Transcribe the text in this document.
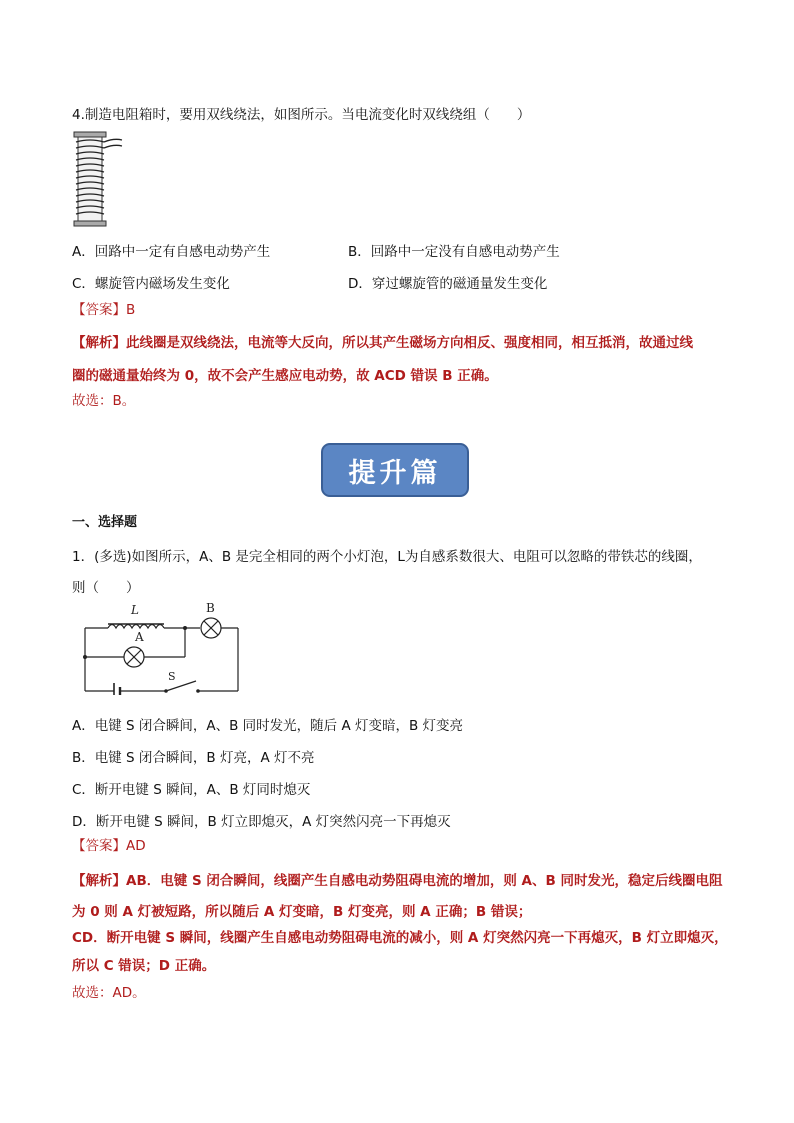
4.制造电阻箱时，要用双线绕法，如图所示。当电流变化时双线绕组（　　）
A．回路中一定有自感电动势产生	B．回路中一定没有自感电动势产生
C．螺旋管内磁场发生变化	D．穿过螺旋管的磁通量发生变化
【答案】B
【解析】此线圈是双线绕法，电流等大反向，所以其产生磁场方向相反、强度相同，相互抵消，故通过线
圈的磁通量始终为 0，故不会产生感应电动势，故 ACD 错误 B 正确。
故选：B。
提升篇
一、选择题
1．(多选)如图所示，A、B 是完全相同的两个小灯泡，L为自感系数很大、电阻可以忽略的带铁芯的线圈，
则（　　）
L
A
B
S
A．电键 S 闭合瞬间，A、B 同时发光，随后 A 灯变暗，B 灯变亮
B．电键 S 闭合瞬间，B 灯亮，A 灯不亮
C．断开电键 S 瞬间，A、B 灯同时熄灭
D．断开电键 S 瞬间，B 灯立即熄灭，A 灯突然闪亮一下再熄灭
【答案】AD
【解析】AB．电键 S 闭合瞬间，线圈产生自感电动势阻碍电流的增加，则 A、B 同时发光，稳定后线圈电阻
为 0 则 A 灯被短路，所以随后 A 灯变暗，B 灯变亮，则 A 正确；B 错误；
CD．断开电键 S 瞬间，线圈产生自感电动势阻碍电流的减小，则 A 灯突然闪亮一下再熄灭，B 灯立即熄灭，
所以 C 错误；D 正确。
故选：AD。
